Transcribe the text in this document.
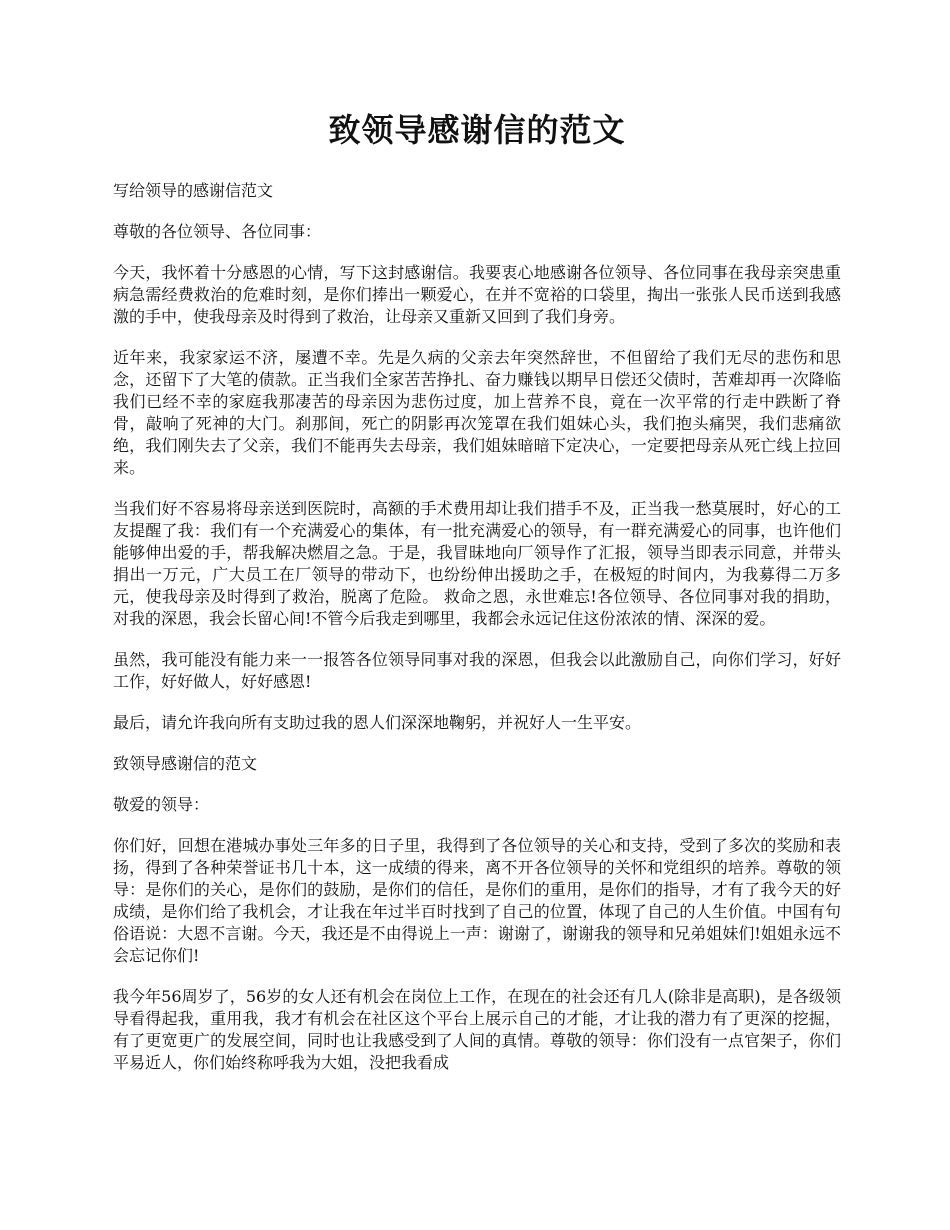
致领导感谢信的范文

写给领导的感谢信范文

尊敬的各位领导、各位同事：

今天，我怀着十分感恩的心情，写下这封感谢信。我要衷心地感谢各位领导、各位同事在我母亲突患重病急需经费救治的危难时刻，是你们捧出一颗爱心，在并不宽裕的口袋里，掏出一张张人民币送到我感激的手中，使我母亲及时得到了救治，让母亲又重新又回到了我们身旁。

近年来，我家家运不济，屡遭不幸。先是久病的父亲去年突然辞世，不但留给了我们无尽的悲伤和思念，还留下了大笔的债款。正当我们全家苦苦挣扎、奋力赚钱以期早日偿还父债时，苦难却再一次降临我们已经不幸的家庭我那凄苦的母亲因为悲伤过度，加上营养不良，竟在一次平常的行走中跌断了脊骨，敲响了死神的大门。刹那间，死亡的阴影再次笼罩在我们姐妹心头，我们抱头痛哭，我们悲痛欲绝，我们刚失去了父亲，我们不能再失去母亲，我们姐妹暗暗下定决心，一定要把母亲从死亡线上拉回来。

当我们好不容易将母亲送到医院时，高额的手术费用却让我们措手不及，正当我一愁莫展时，好心的工友提醒了我：我们有一个充满爱心的集体，有一批充满爱心的领导，有一群充满爱心的同事，也许他们能够伸出爱的手，帮我解决燃眉之急。于是，我冒昧地向厂领导作了汇报，领导当即表示同意，并带头捐出一万元，广大员工在厂领导的带动下，也纷纷伸出援助之手，在极短的时间内，为我募得二万多元，使我母亲及时得到了救治，脱离了危险。 救命之恩，永世难忘!各位领导、各位同事对我的捐助，对我的深恩，我会长留心间!不管今后我走到哪里，我都会永远记住这份浓浓的情、深深的爱。

虽然，我可能没有能力来一一报答各位领导同事对我的深恩，但我会以此激励自己，向你们学习，好好工作，好好做人，好好感恩!

最后，请允许我向所有支助过我的恩人们深深地鞠躬，并祝好人一生平安。

致领导感谢信的范文

敬爱的领导：

你们好，回想在港城办事处三年多的日子里，我得到了各位领导的关心和支持，受到了多次的奖励和表扬，得到了各种荣誉证书几十本，这一成绩的得来，离不开各位领导的关怀和党组织的培养。尊敬的领导：是你们的关心，是你们的鼓励，是你们的信任，是你们的重用，是你们的指导，才有了我今天的好成绩，是你们给了我机会，才让我在年过半百时找到了自己的位置，体现了自己的人生价值。中国有句俗语说：大恩不言谢。今天，我还是不由得说上一声：谢谢了，谢谢我的领导和兄弟姐妹们!姐姐永远不会忘记你们!

我今年56周岁了，56岁的女人还有机会在岗位上工作，在现在的社会还有几人(除非是高职)，是各级领导看得起我，重用我，我才有机会在社区这个平台上展示自己的才能，才让我的潜力有了更深的挖掘，有了更宽更广的发展空间，同时也让我感受到了人间的真情。尊敬的领导：你们没有一点官架子，你们平易近人，你们始终称呼我为大姐，没把我看成
